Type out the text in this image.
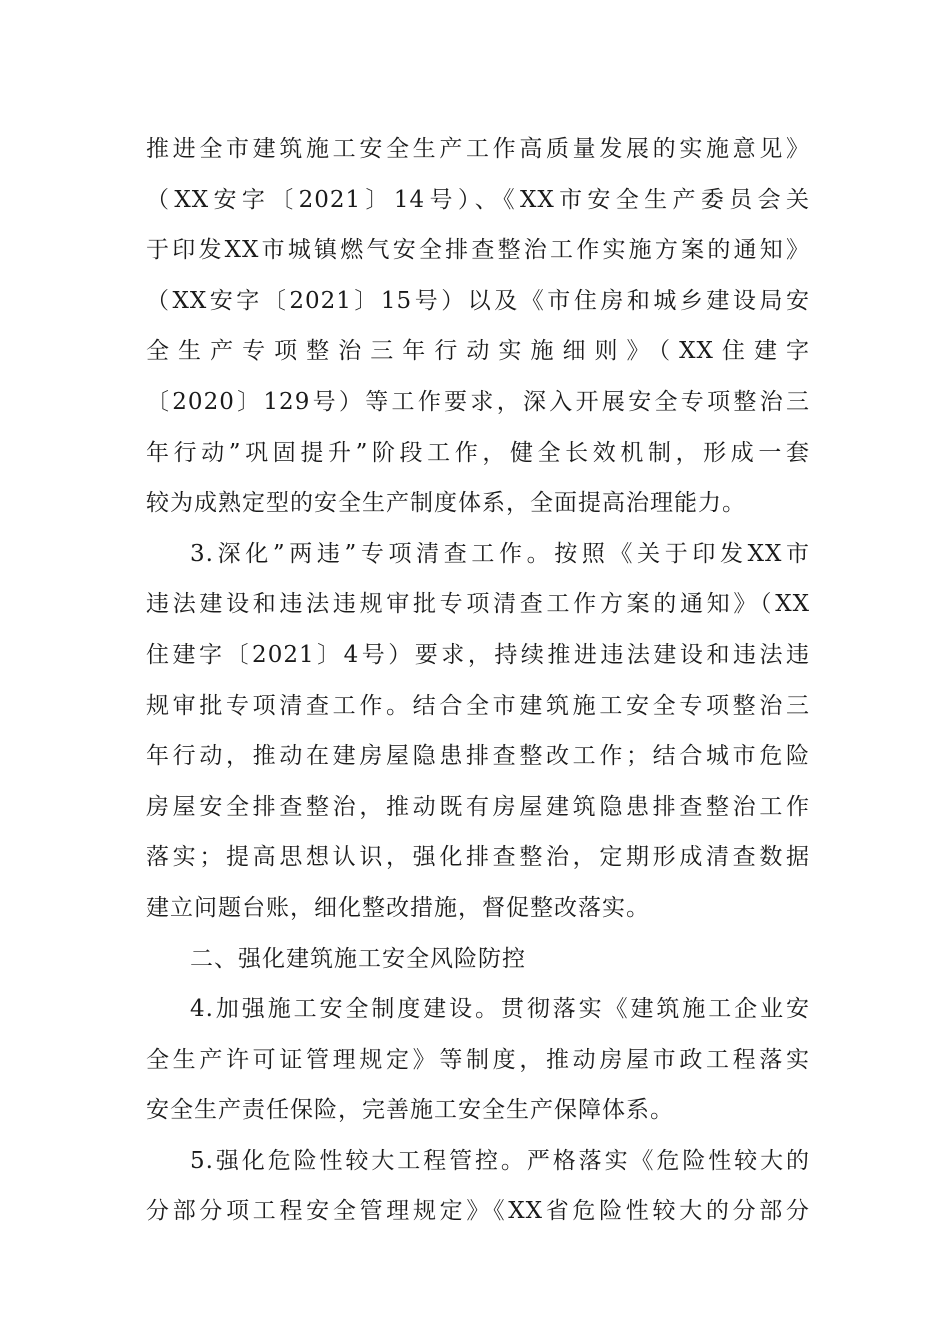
推进全市建筑施工安全生产工作高质量发展的实施意见》
（XX安字〔2021〕14号）、《XX市安全生产委员会关
于印发XX市城镇燃气安全排查整治工作实施方案的通知》
（XX安字〔2021〕15号）以及《市住房和城乡建设局安
全生产专项整治三年行动实施细则》（XX住建字
〔2020〕129号）等工作要求，深入开展安全专项整治三
年行动”巩固提升”阶段工作，健全长效机制，形成一套
较为成熟定型的安全生产制度体系，全面提高治理能力。
3.深化”两违”专项清查工作。按照《关于印发XX市
违法建设和违法违规审批专项清查工作方案的通知》（XX
住建字〔2021〕4号）要求，持续推进违法建设和违法违
规审批专项清查工作。结合全市建筑施工安全专项整治三
年行动，推动在建房屋隐患排查整改工作；结合城市危险
房屋安全排查整治，推动既有房屋建筑隐患排查整治工作
落实；提高思想认识，强化排查整治，定期形成清查数据
建立问题台账，细化整改措施，督促整改落实。
二、强化建筑施工安全风险防控
4.加强施工安全制度建设。贯彻落实《建筑施工企业安
全生产许可证管理规定》等制度，推动房屋市政工程落实
安全生产责任保险，完善施工安全生产保障体系。
5.强化危险性较大工程管控。严格落实《危险性较大的
分部分项工程安全管理规定》《XX省危险性较大的分部分
